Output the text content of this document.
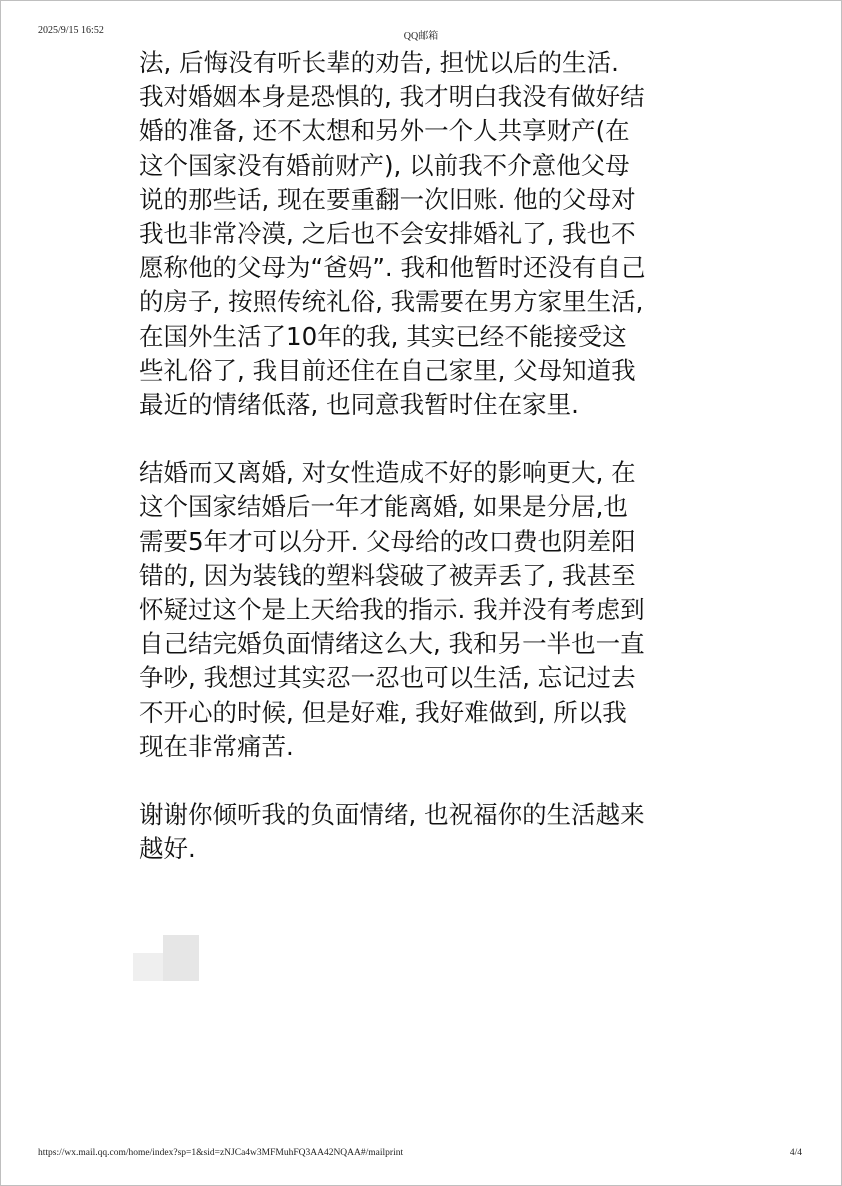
2025/9/15 16:52
QQ邮箱
法, 后悔没有听长辈的劝告, 担忧以后的生活.
我对婚姻本身是恐惧的, 我才明白我没有做好结
婚的准备, 还不太想和另外一个人共享财产(在
这个国家没有婚前财产), 以前我不介意他父母
说的那些话, 现在要重翻一次旧账. 他的父母对
我也非常冷漠, 之后也不会安排婚礼了, 我也不
愿称他的父母为“爸妈”. 我和他暂时还没有自己
的房子, 按照传统礼俗, 我需要在男方家里生活,
在国外生活了10年的我, 其实已经不能接受这
些礼俗了, 我目前还住在自己家里, 父母知道我
最近的情绪低落, 也同意我暂时住在家里.
结婚而又离婚, 对女性造成不好的影响更大, 在
这个国家结婚后一年才能离婚, 如果是分居,也
需要5年才可以分开. 父母给的改口费也阴差阳
错的, 因为装钱的塑料袋破了被弄丢了, 我甚至
怀疑过这个是上天给我的指示. 我并没有考虑到
自己结完婚负面情绪这么大, 我和另一半也一直
争吵, 我想过其实忍一忍也可以生活, 忘记过去
不开心的时候, 但是好难, 我好难做到, 所以我
现在非常痛苦.
谢谢你倾听我的负面情绪, 也祝福你的生活越来
越好.
https://wx.mail.qq.com/home/index?sp=1&sid=zNJCa4w3MFMuhFQ3AA42NQAA#/mailprint	4/4
